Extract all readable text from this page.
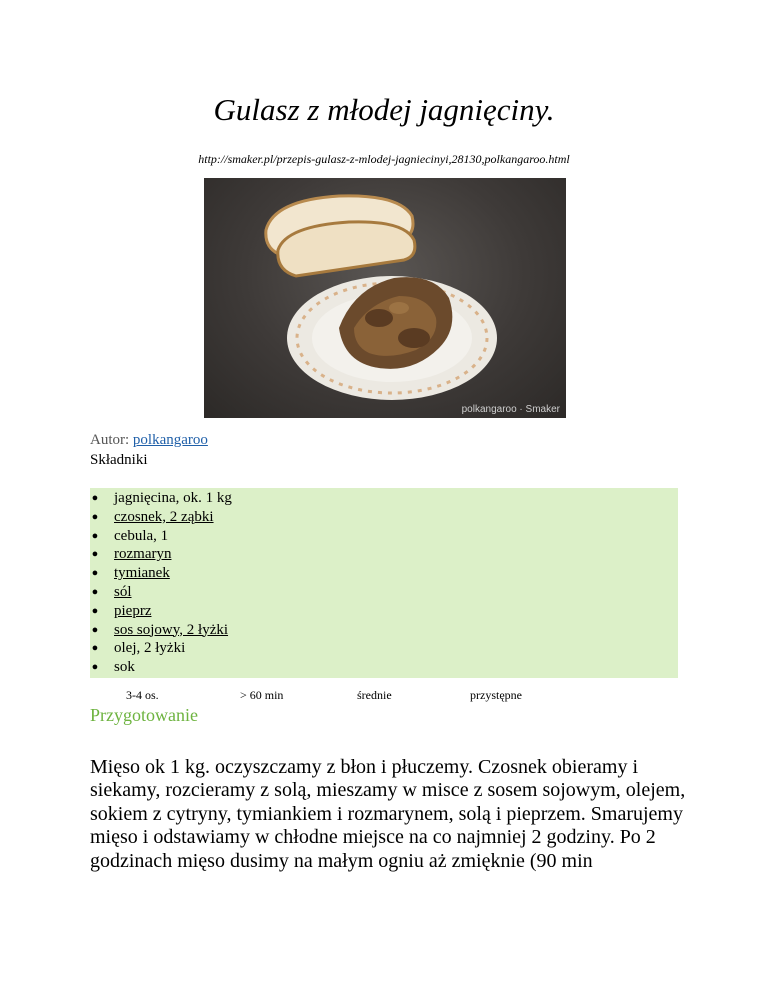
Gulasz z młodej jagnięciny.
http://smaker.pl/przepis-gulasz-z-mlodej-jagniecinyi,28130,polkangaroo.html
polkangaroo · Smaker
Autor: polkangaroo
Składniki
● jagnięcina, ok. 1 kg
● czosnek, 2 ząbki
● cebula, 1
● rozmaryn
● tymianek
● sól
● pieprz
● sos sojowy, 2 łyżki
● olej, 2 łyżki
● sok
3-4 os.	> 60 min	średnie	przystępne
Przygotowanie

Mięso ok 1 kg. oczyszczamy z błon i płuczemy. Czosnek obieramy i siekamy, rozcieramy z solą, mieszamy w misce z sosem sojowym, olejem, sokiem z cytryny, tymiankiem i rozmarynem, solą i pieprzem. Smarujemy mięso i odstawiamy w chłodne miejsce na co najmniej 2 godziny. Po 2 godzinach mięso dusimy na małym ogniu aż zmięknie (90 min
